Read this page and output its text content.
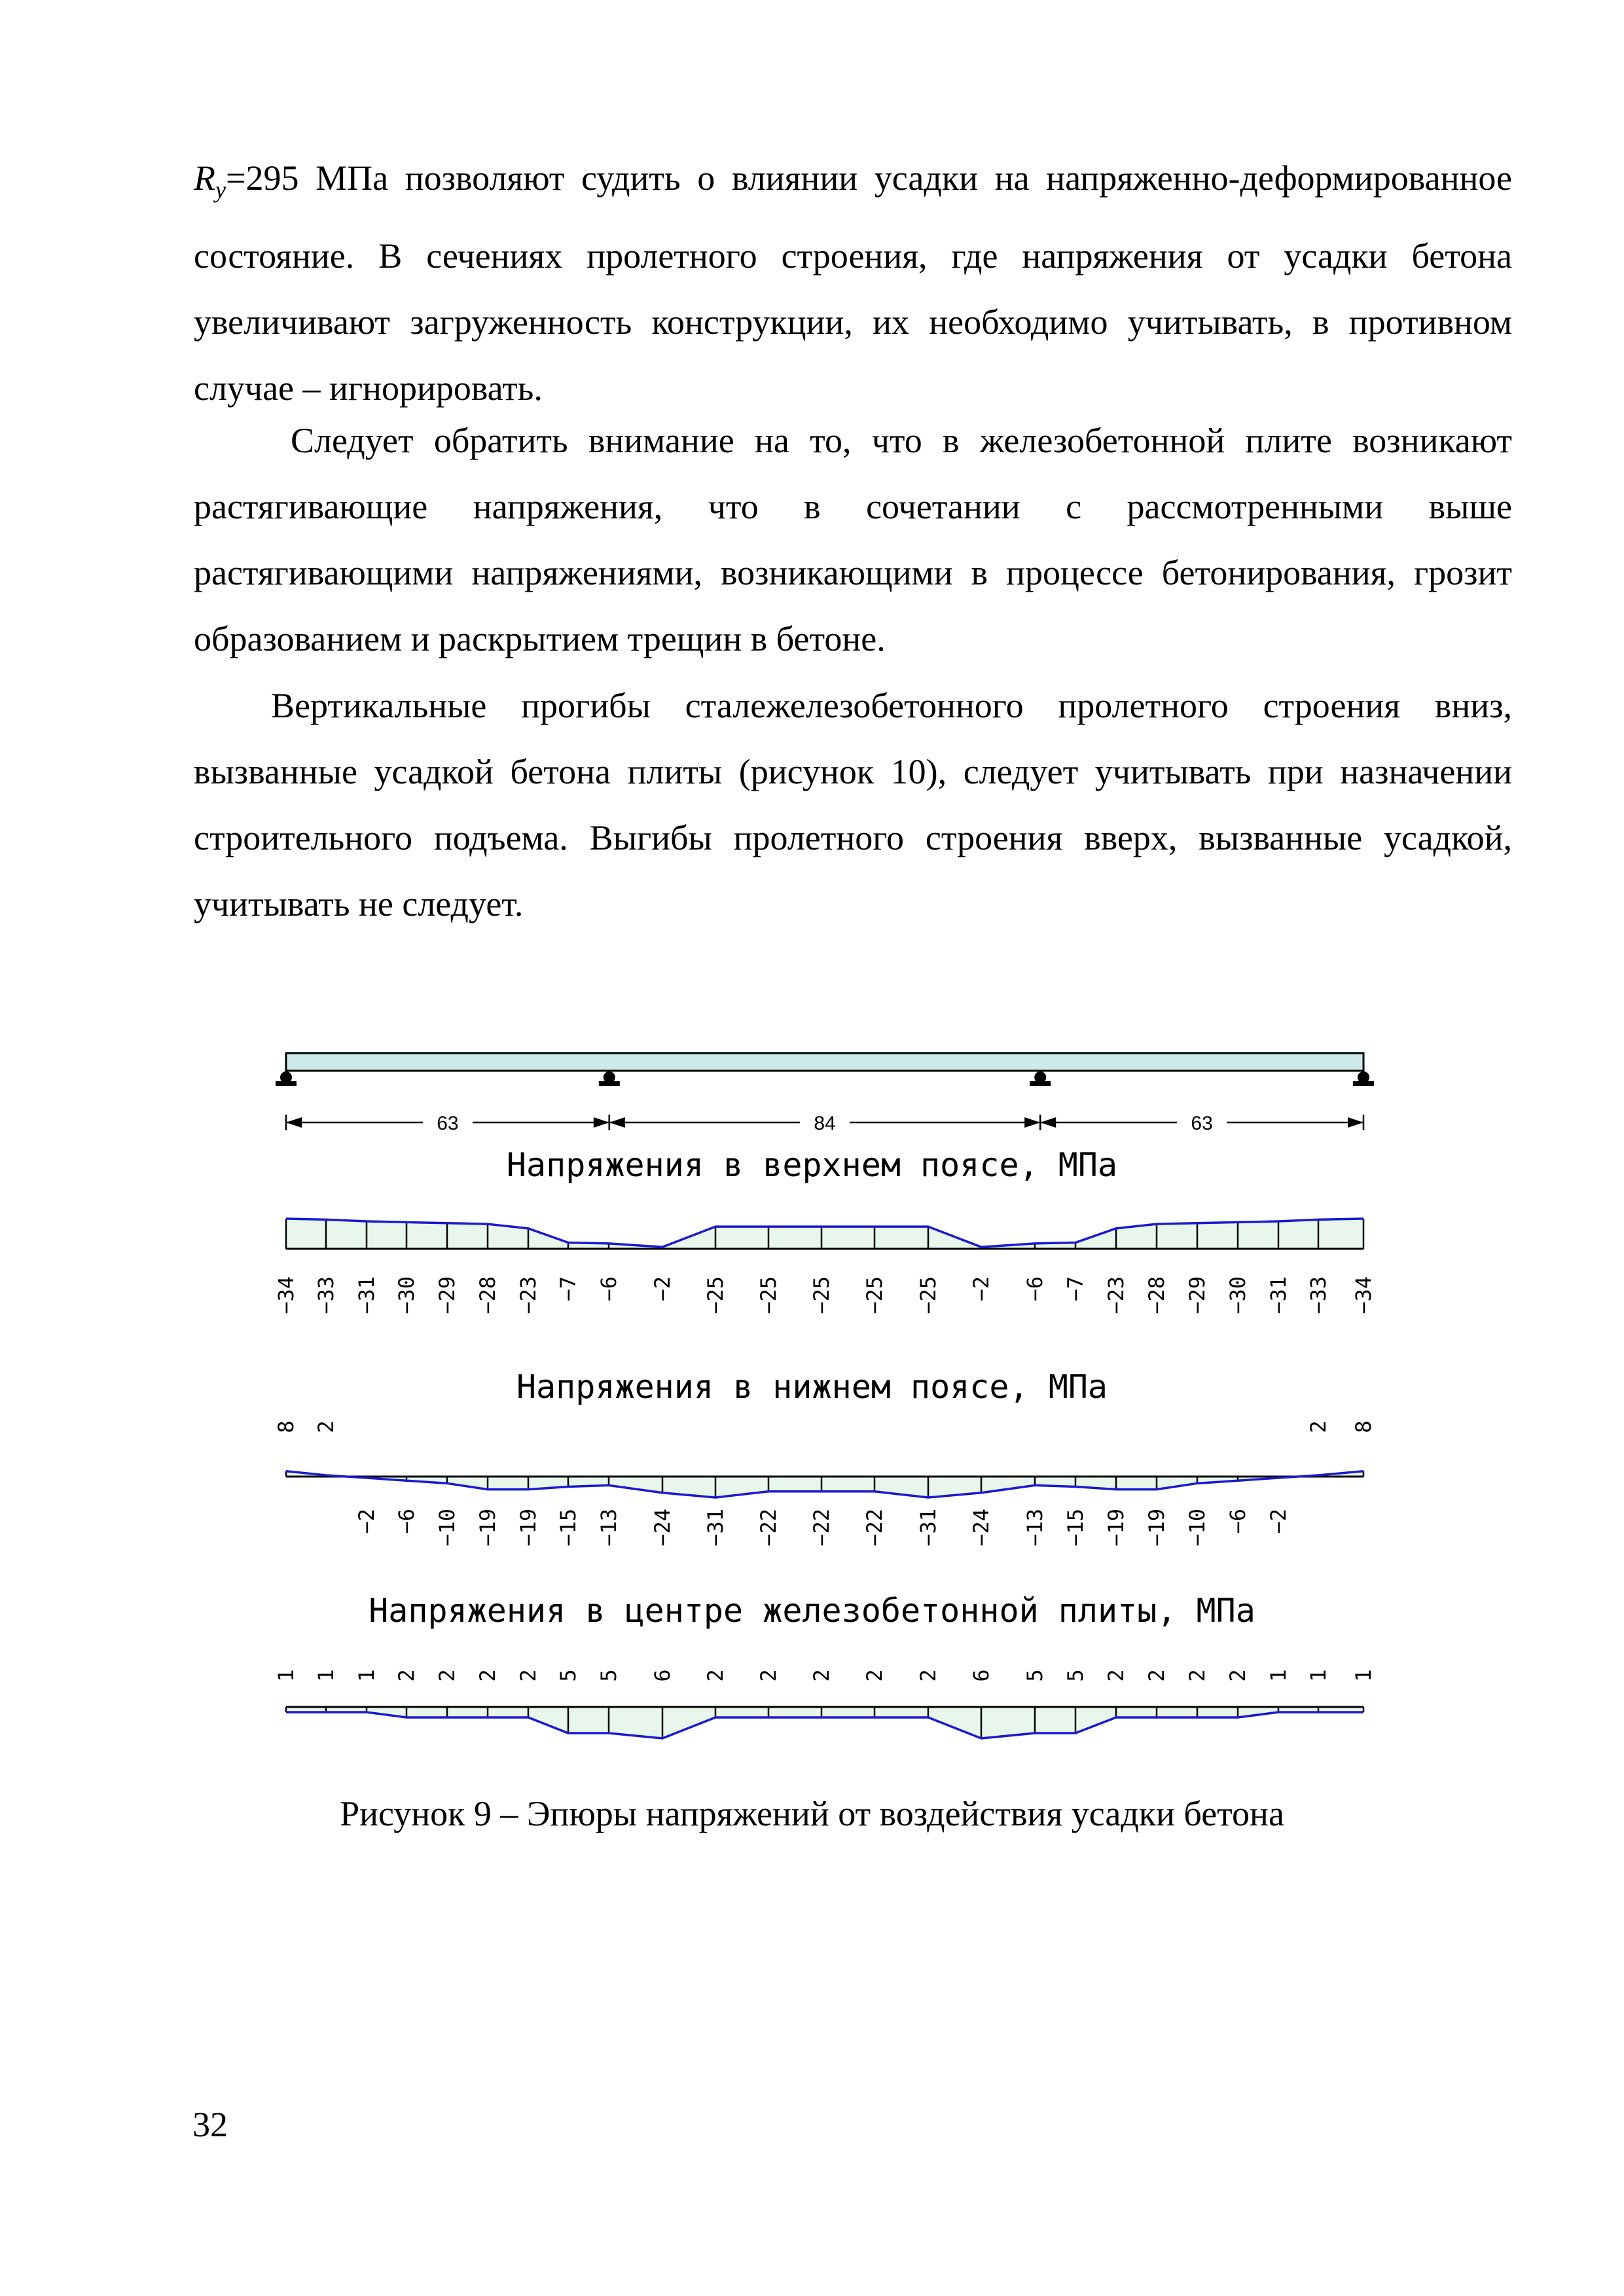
$R_y=295$ МПа позволяют судить о влиянии усадки на напряженно-деформированное состояние. В сечениях пролетного строения, где напряжения от усадки бетона увеличивают загруженность конструкции, их необходимо учитывать, в противном случае – игнорировать.

Следует обратить внимание на то, что в железобетонной плите возникают растягивающие напряжения, что в сочетании с рассмотренными выше растягивающими напряжениями, возникающими в процессе бетонирования, грозит образованием и раскрытием трещин в бетоне.

Вертикальные прогибы сталежелезобетонного пролетного строения вниз, вызванные усадкой бетона плиты (рисунок 10), следует учитывать при назначении строительного подъема. Выгибы пролетного строения вверх, вызванные усадкой, учитывать не следует.

63	84	63
Напряжения в верхнем поясе, МПа
−34 −33 −31 −30 −29 −28 −23 −7 −6 −2 −25 −25 −25 −25 −25 −2 −6 −7 −23 −28 −29 −30 −31 −33 −34
Напряжения в нижнем поясе, МПа
8 2
−2 −6 −10 −19 −19 −15 −13 −24 −31 −22 −22 −22 −31 −24 −13 −15 −19 −19 −10 −6 −2
2 8
Напряжения в центре железобетонной плиты, МПа
1 1 1 2 2 2 2 5 5 6 2 2 2 2 2 6 5 5 2 2 2 2 1 1 1
Рисунок 9 – Эпюры напряжений от воздействия усадки бетона
32
